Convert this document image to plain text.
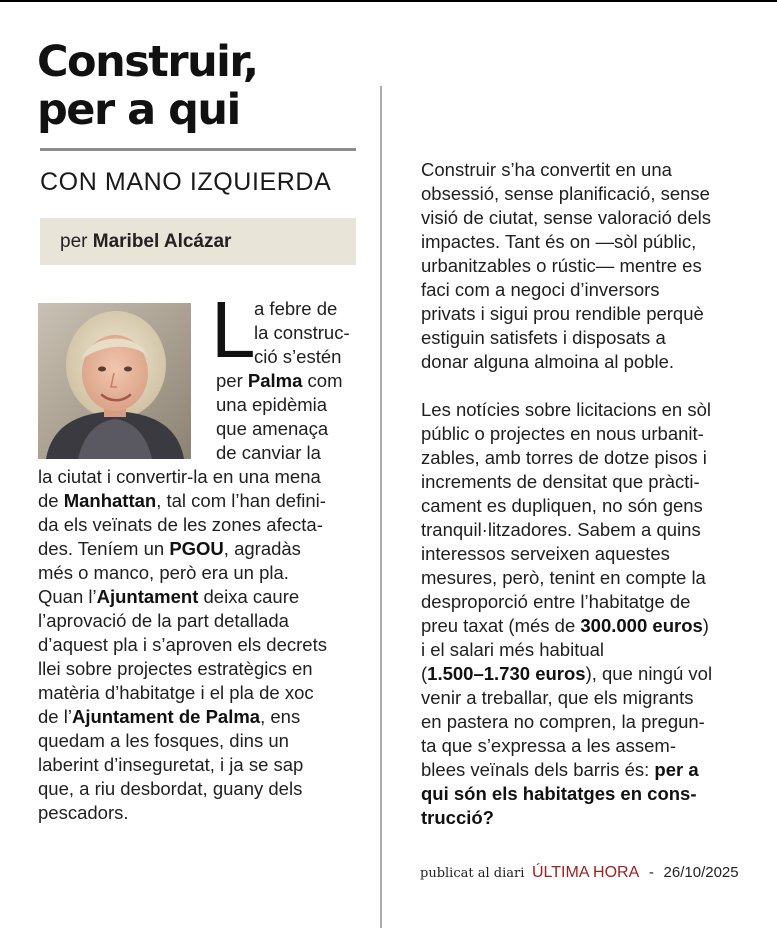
Construir,
per a qui
CON MANO IZQUIERDA
per Maribel Alcázar
L
a febre de
la construc-
ció s’estén
per Palma com
una epidèmia
que amenaça
de canviar la
la ciutat i convertir-la en una mena
de Manhattan, tal com l’han defini-
da els veïnats de les zones afecta-
des. Teníem un PGOU, agradàs
més o manco, però era un pla.
Quan l’Ajuntament deixa caure
l’aprovació de la part detallada
d’aquest pla i s’aproven els decrets
llei sobre projectes estratègics en
matèria d’habitatge i el pla de xoc
de l’Ajuntament de Palma, ens
quedam a les fosques, dins un
laberint d’inseguretat, i ja se sap
que, a riu desbordat, guany dels
pescadors.
Construir s’ha convertit en una
obsessió, sense planificació, sense
visió de ciutat, sense valoració dels
impactes. Tant és on —sòl públic,
urbanitzables o rústic— mentre es
faci com a negoci d’inversors
privats i sigui prou rendible perquè
estiguin satisfets i disposats a
donar alguna almoina al poble.
Les notícies sobre licitacions en sòl
públic o projectes en nous urbanit-
zables, amb torres de dotze pisos i
increments de densitat que pràcti-
cament es dupliquen, no són gens
tranquil·litzadores. Sabem a quins
interessos serveixen aquestes
mesures, però, tenint en compte la
desproporció entre l’habitatge de
preu taxat (més de 300.000 euros)
i el salari més habitual
(1.500–1.730 euros), que ningú vol
venir a treballar, que els migrants
en pastera no compren, la pregun-
ta que s’expressa a les assem-
blees veïnals dels barris és: per a
qui són els habitatges en cons-
trucció?
publicat al diari ÚLTIMA HORA - 26/10/2025
